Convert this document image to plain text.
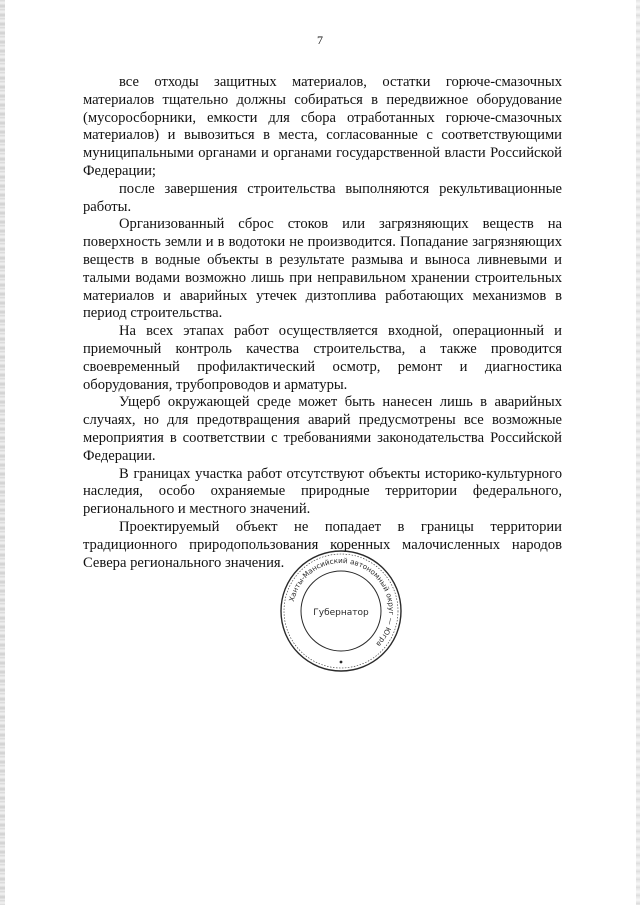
7

все отходы защитных материалов, остатки горюче-смазочных материалов тщательно должны собираться в передвижное оборудование (мусоросборники, емкости для сбора отработанных горюче-смазочных материалов) и вывозиться в места, согласованные с соответствующими муниципальными органами и органами государственной власти Российской Федерации;

после завершения строительства выполняются рекультивационные работы.

Организованный сброс стоков или загрязняющих веществ на поверхность земли и в водотоки не производится. Попадание загрязняющих веществ в водные объекты в результате размыва и выноса ливневыми и талыми водами возможно лишь при неправильном хранении строительных материалов и аварийных утечек дизтоплива работающих механизмов в период строительства.

На всех этапах работ осуществляется входной, операционный и приемочный контроль качества строительства, а также проводится своевременный профилактический осмотр, ремонт и диагностика оборудования, трубопроводов и арматуры.

Ущерб окружающей среде может быть нанесен лишь в аварийных случаях, но для предотвращения аварий предусмотрены все возможные мероприятия в соответствии с требованиями законодательства Российской Федерации.

В границах участка работ отсутствуют объекты историко-культурного наследия, особо охраняемые природные территории федерального, регионального и местного значений.

Проектируемый объект не попадает в границы территории традиционного природопользования коренных малочисленных народов Севера регионального значения.

Ханты-Мансийский автономный округ — Югра
Губернатор
